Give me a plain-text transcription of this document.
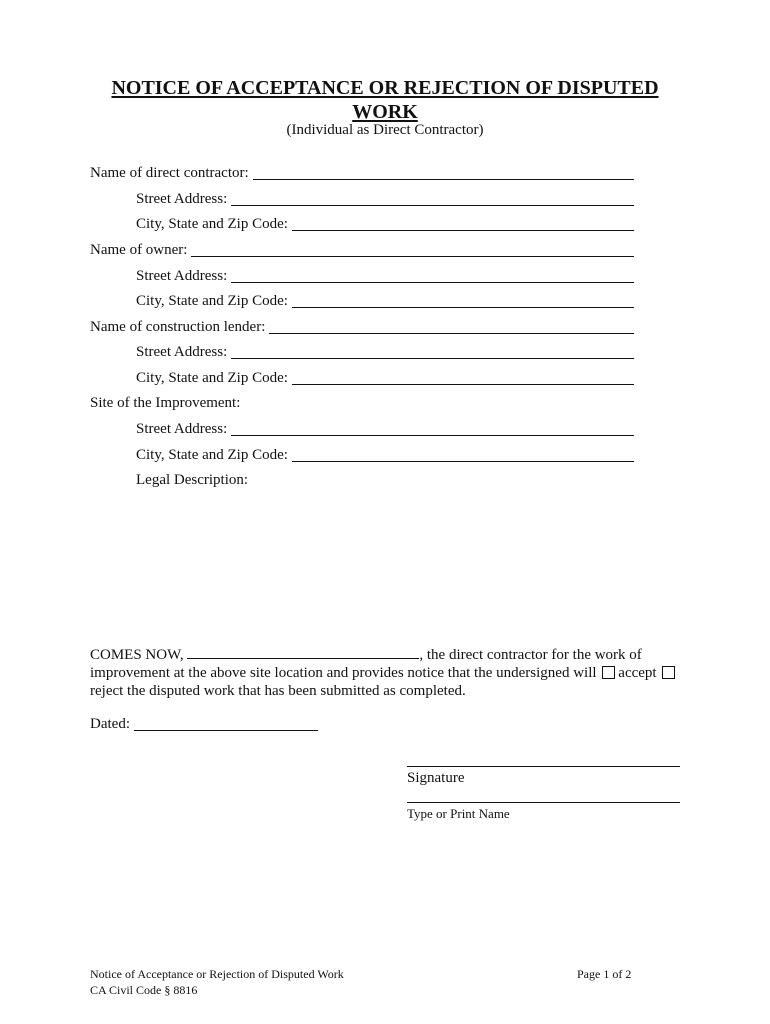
NOTICE OF ACCEPTANCE OR REJECTION OF DISPUTED WORK
(Individual as Direct Contractor)
Name of direct contractor:
Street Address:
City, State and Zip Code:
Name of owner:
Street Address:
City, State and Zip Code:
Name of construction lender:
Street Address:
City, State and Zip Code:
Site of the Improvement:
Street Address:
City, State and Zip Code:
Legal Description:
COMES NOW,	, the direct contractor for the work of improvement at the above site location and provides notice that the undersigned will accept  reject the disputed work that has been submitted as completed.
Dated:
Signature
Type or Print Name
Notice of Acceptance or Rejection of Disputed Work
CA Civil Code § 8816
Page 1 of 2
